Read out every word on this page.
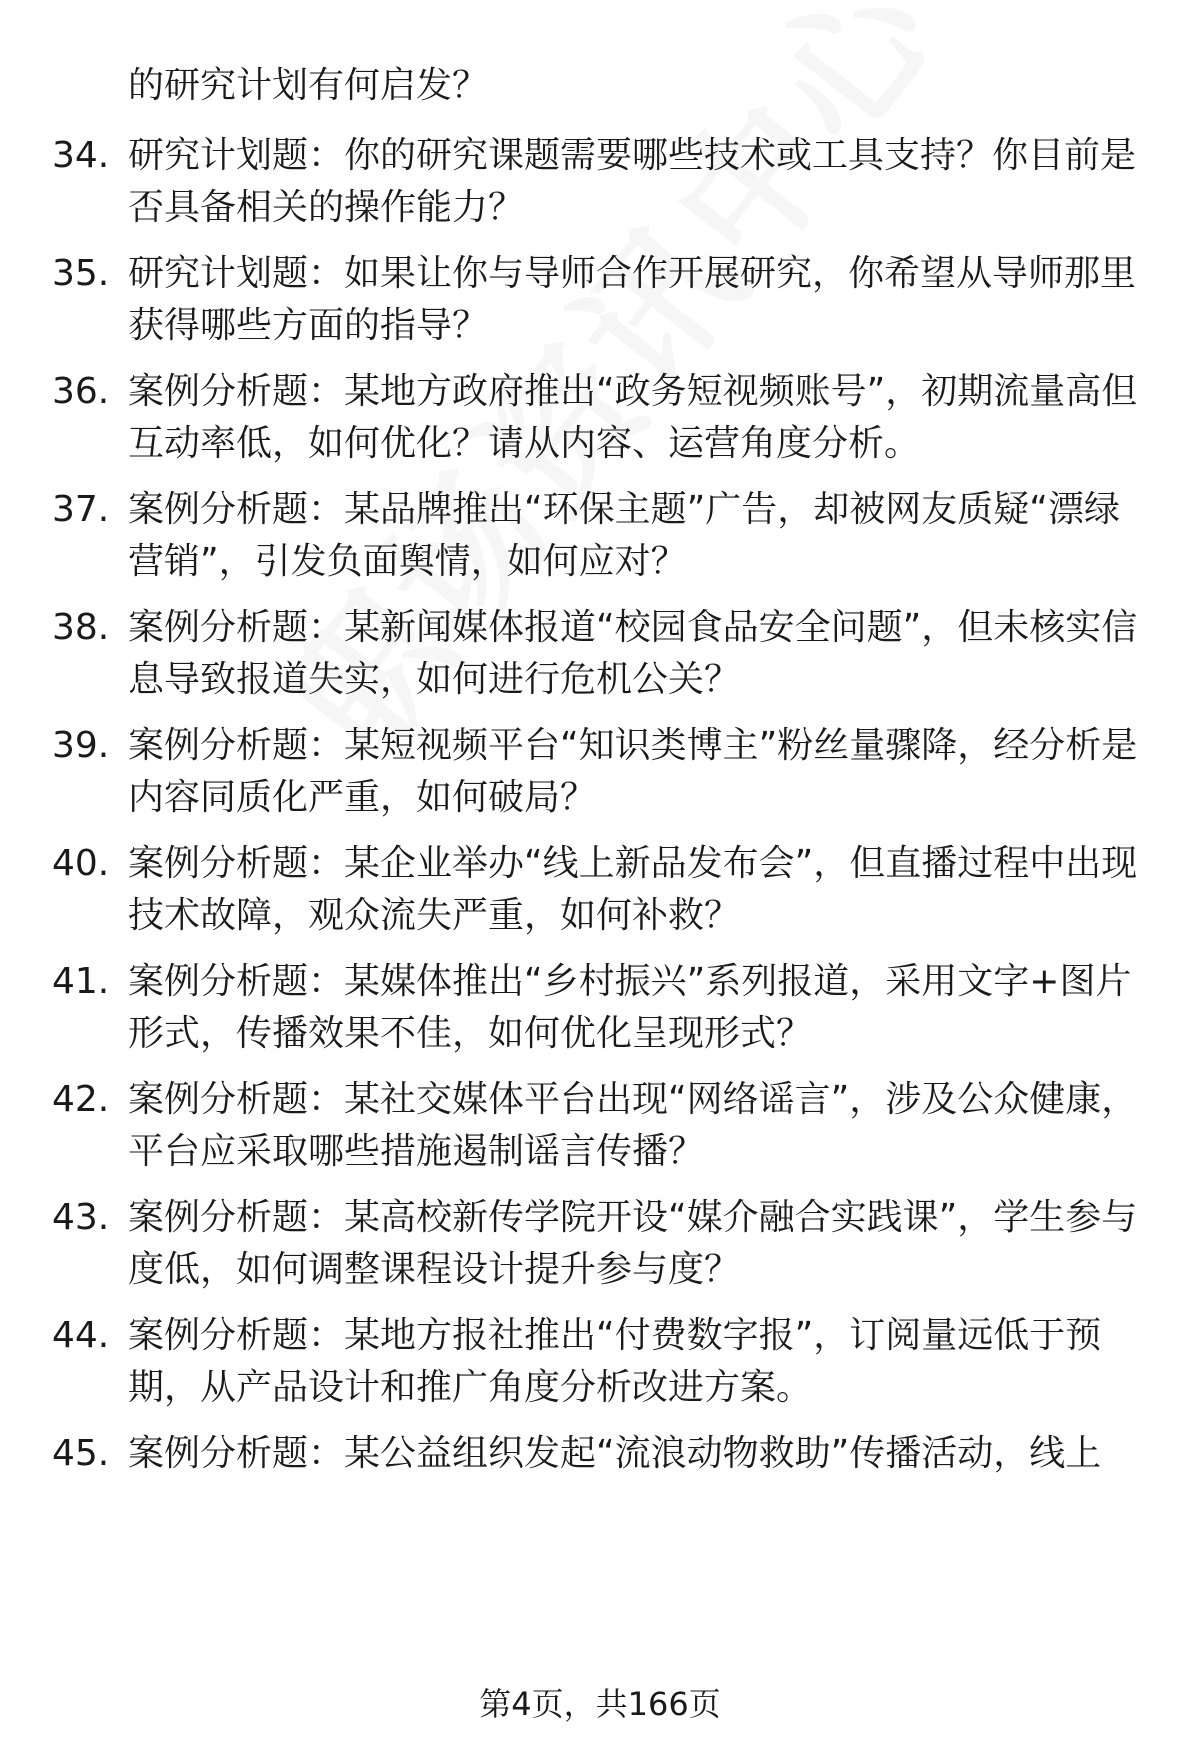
的研究计划有何启发？
34. 研究计划题：你的研究课题需要哪些技术或工具支持？你目前是否具备相关的操作能力？
35. 研究计划题：如果让你与导师合作开展研究，你希望从导师那里获得哪些方面的指导？
36. 案例分析题：某地方政府推出“政务短视频账号”，初期流量高但互动率低，如何优化？请从内容、运营角度分析。
37. 案例分析题：某品牌推出“环保主题”广告，却被网友质疑“漂绿营销”，引发负面舆情，如何应对？
38. 案例分析题：某新闻媒体报道“校园食品安全问题”，但未核实信息导致报道失实，如何进行危机公关？
39. 案例分析题：某短视频平台“知识类博主”粉丝量骤降，经分析是内容同质化严重，如何破局？
40. 案例分析题：某企业举办“线上新品发布会”，但直播过程中出现技术故障，观众流失严重，如何补救？
41. 案例分析题：某媒体推出“乡村振兴”系列报道，采用文字+图片形式，传播效果不佳，如何优化呈现形式？
42. 案例分析题：某社交媒体平台出现“网络谣言”，涉及公众健康，平台应采取哪些措施遏制谣言传播？
43. 案例分析题：某高校新传学院开设“媒介融合实践课”，学生参与度低，如何调整课程设计提升参与度？
44. 案例分析题：某地方报社推出“付费数字报”，订阅量远低于预期，从产品设计和推广角度分析改进方案。
45. 案例分析题：某公益组织发起“流浪动物救助”传播活动，线上
第4页，共166页
